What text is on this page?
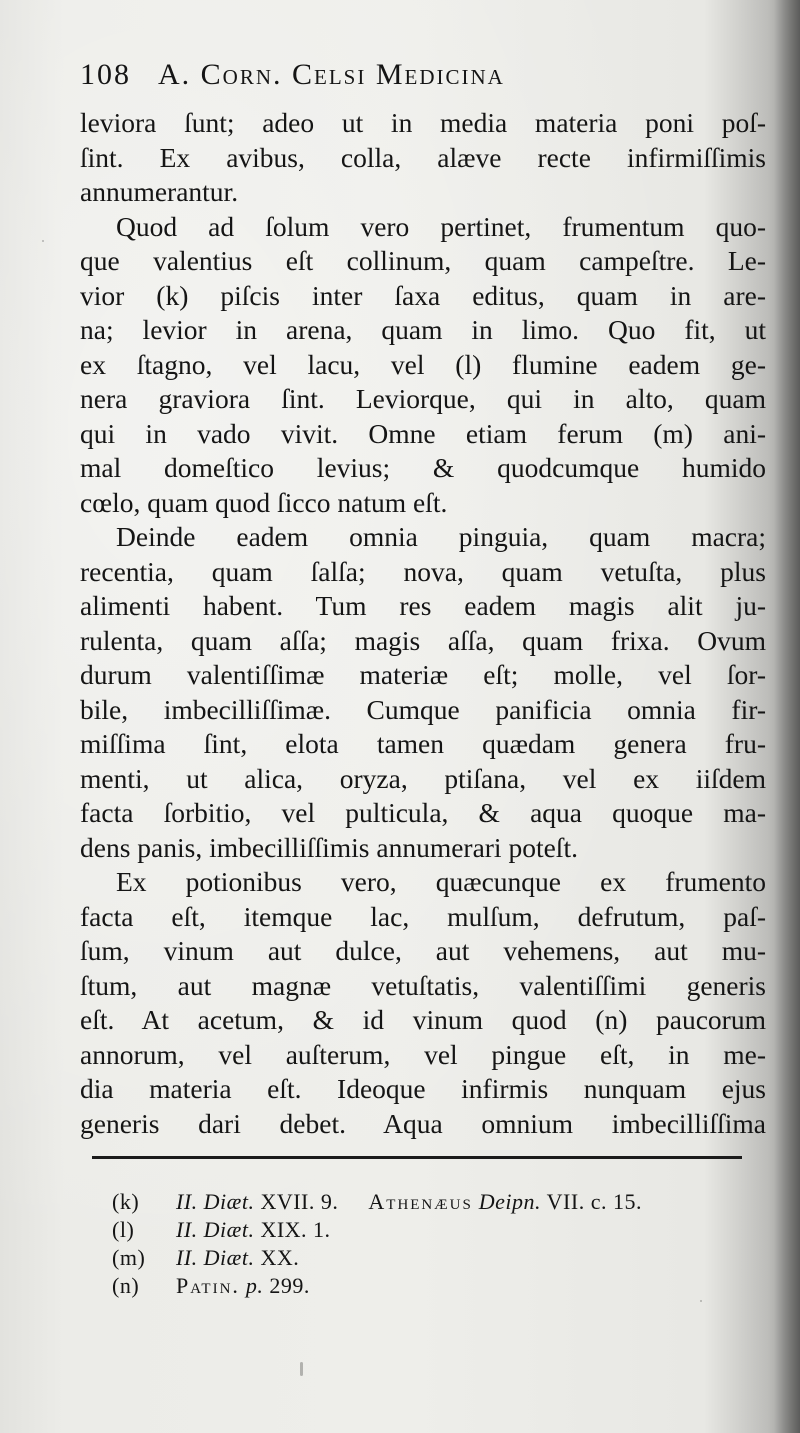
108 A. Corn. Celsi Medicina
leviora ſunt; adeo ut in media materia poni poſ-
ſint. Ex avibus, colla, alæve recte infirmiſſimis
annumerantur.
Quod ad ſolum vero pertinet, frumentum quo-
que valentius eſt collinum, quam campeſtre. Le-
vior (k) piſcis inter ſaxa editus, quam in are-
na; levior in arena, quam in limo. Quo fit, ut
ex ſtagno, vel lacu, vel (l) flumine eadem ge-
nera graviora ſint. Leviorque, qui in alto, quam
qui in vado vivit. Omne etiam ferum (m) ani-
mal domeſtico levius; & quodcumque humido
cœlo, quam quod ſicco natum eſt.
Deinde eadem omnia pinguia, quam macra;
recentia, quam ſalſa; nova, quam vetuſta, plus
alimenti habent. Tum res eadem magis alit ju-
rulenta, quam aſſa; magis aſſa, quam frixa. Ovum
durum valentiſſimæ materiæ eſt; molle, vel ſor-
bile, imbecilliſſimæ. Cumque panificia omnia fir-
miſſima ſint, elota tamen quædam genera fru-
menti, ut alica, oryza, ptiſana, vel ex iiſdem
facta ſorbitio, vel pulticula, & aqua quoque ma-
dens panis, imbecilliſſimis annumerari poteſt.
Ex potionibus vero, quæcunque ex frumento
facta eſt, itemque lac, mulſum, defrutum, paſ-
ſum, vinum aut dulce, aut vehemens, aut mu-
ſtum, aut magnæ vetuſtatis, valentiſſimi generis
eſt. At acetum, & id vinum quod (n) paucorum
annorum, vel auſterum, vel pingue eſt, in me-
dia materia eſt. Ideoque infirmis nunquam ejus
generis dari debet. Aqua omnium imbecilliſſima
(k) II. Diæt. XVII. 9. Athenæus Deipn. VII. c. 15.
(l) II. Diæt. XIX. 1.
(m) II. Diæt. XX.
(n) Patin. p. 299.
